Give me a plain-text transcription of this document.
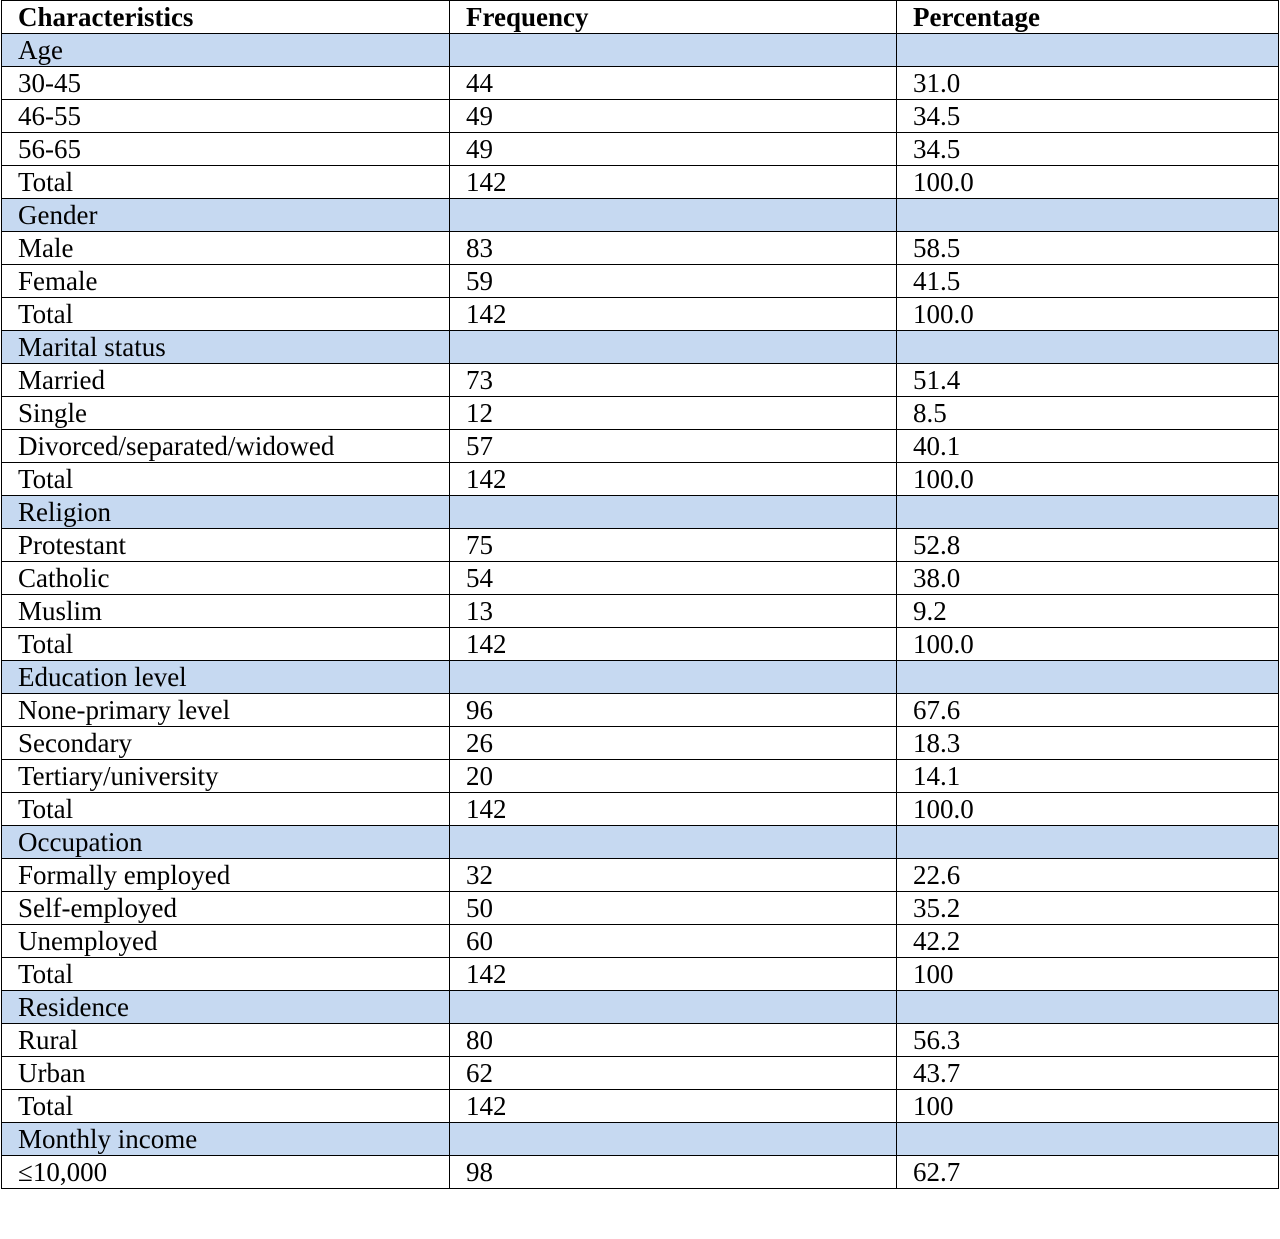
Characteristics	Frequency	Percentage
Age		
30-45	44	31.0
46-55	49	34.5
56-65	49	34.5
Total	142	100.0
Gender		
Male	83	58.5
Female	59	41.5
Total	142	100.0
Marital status		
Married	73	51.4
Single	12	8.5
Divorced/separated/widowed	57	40.1
Total	142	100.0
Religion		
Protestant	75	52.8
Catholic	54	38.0
Muslim	13	9.2
Total	142	100.0
Education level		
None-primary level	96	67.6
Secondary	26	18.3
Tertiary/university	20	14.1
Total	142	100.0
Occupation		
Formally employed	32	22.6
Self-employed	50	35.2
Unemployed	60	42.2
Total	142	100
Residence		
Rural	80	56.3
Urban	62	43.7
Total	142	100
Monthly income		
≤10,000	98	62.7
